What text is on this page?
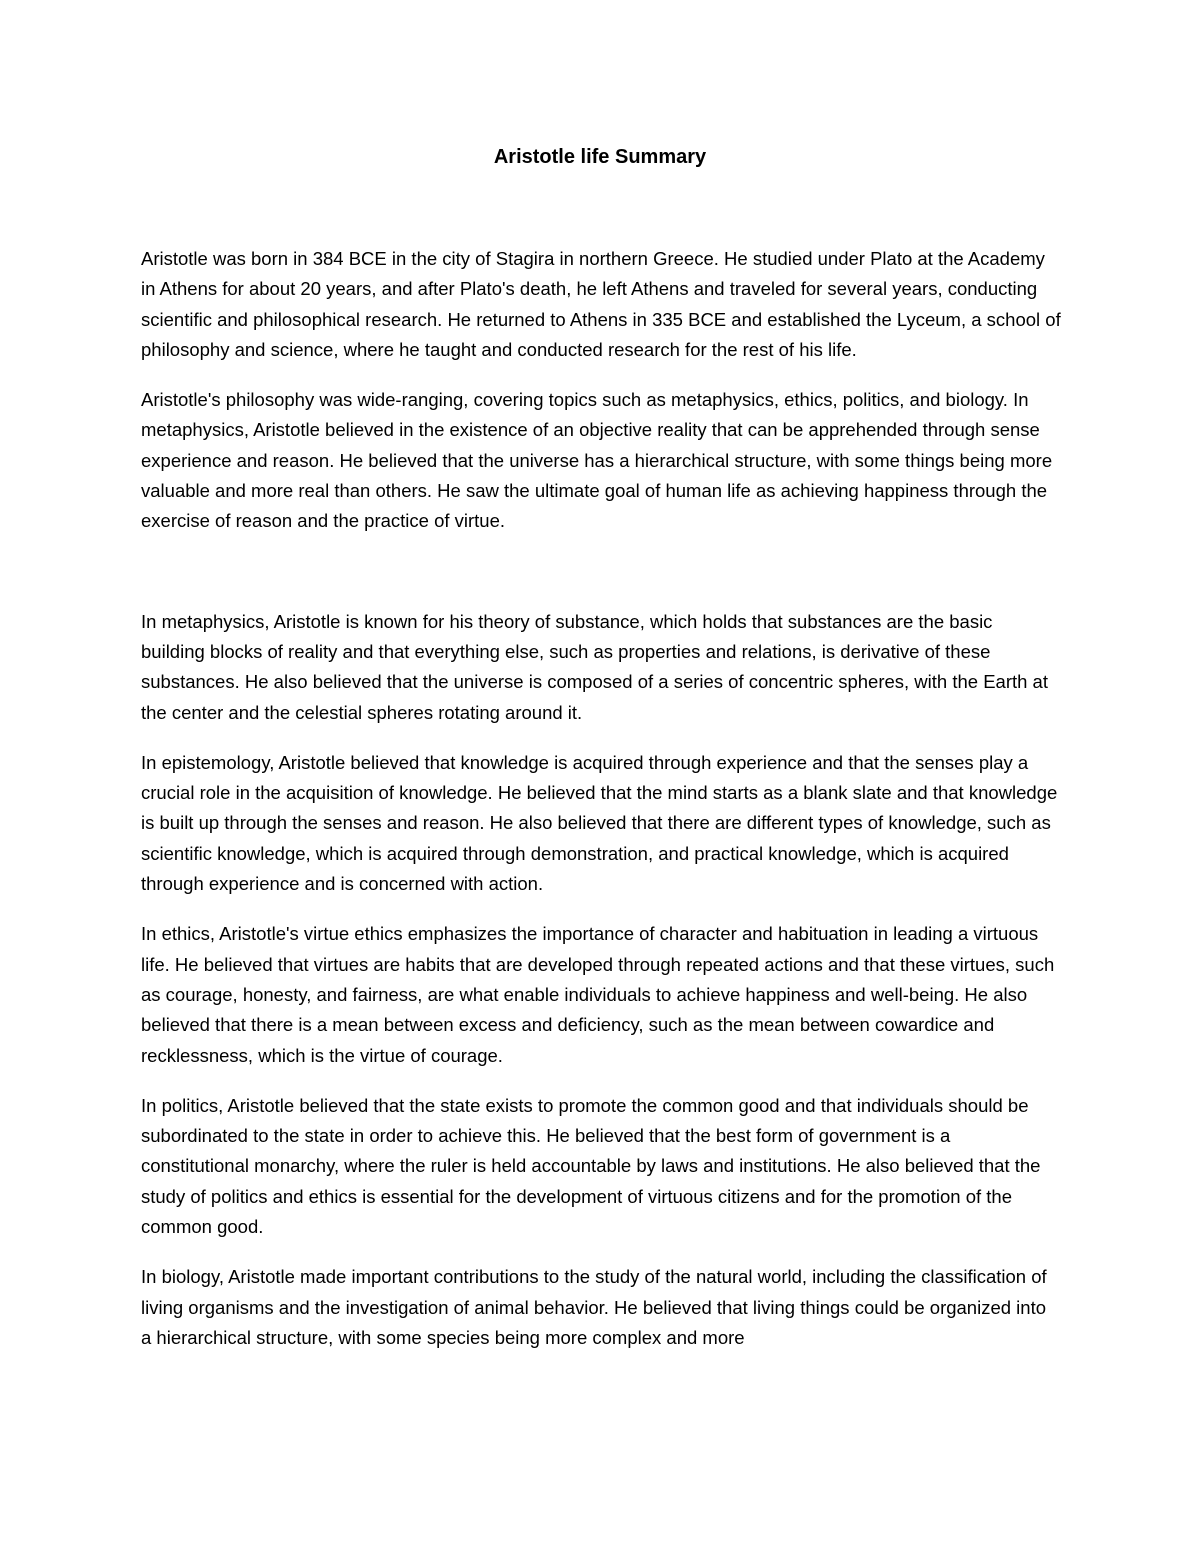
Aristotle life Summary

Aristotle was born in 384 BCE in the city of Stagira in northern Greece. He studied under Plato at the Academy in Athens for about 20 years, and after Plato's death, he left Athens and traveled for several years, conducting scientific and philosophical research. He returned to Athens in 335 BCE and established the Lyceum, a school of philosophy and science, where he taught and conducted research for the rest of his life.

Aristotle's philosophy was wide-ranging, covering topics such as metaphysics, ethics, politics, and biology. In metaphysics, Aristotle believed in the existence of an objective reality that can be apprehended through sense experience and reason. He believed that the universe has a hierarchical structure, with some things being more valuable and more real than others. He saw the ultimate goal of human life as achieving happiness through the exercise of reason and the practice of virtue.

In metaphysics, Aristotle is known for his theory of substance, which holds that substances are the basic building blocks of reality and that everything else, such as properties and relations, is derivative of these substances. He also believed that the universe is composed of a series of concentric spheres, with the Earth at the center and the celestial spheres rotating around it.

In epistemology, Aristotle believed that knowledge is acquired through experience and that the senses play a crucial role in the acquisition of knowledge. He believed that the mind starts as a blank slate and that knowledge is built up through the senses and reason. He also believed that there are different types of knowledge, such as scientific knowledge, which is acquired through demonstration, and practical knowledge, which is acquired through experience and is concerned with action.

In ethics, Aristotle's virtue ethics emphasizes the importance of character and habituation in leading a virtuous life. He believed that virtues are habits that are developed through repeated actions and that these virtues, such as courage, honesty, and fairness, are what enable individuals to achieve happiness and well-being. He also believed that there is a mean between excess and deficiency, such as the mean between cowardice and recklessness, which is the virtue of courage.

In politics, Aristotle believed that the state exists to promote the common good and that individuals should be subordinated to the state in order to achieve this. He believed that the best form of government is a constitutional monarchy, where the ruler is held accountable by laws and institutions. He also believed that the study of politics and ethics is essential for the development of virtuous citizens and for the promotion of the common good.

In biology, Aristotle made important contributions to the study of the natural world, including the classification of living organisms and the investigation of animal behavior. He believed that living things could be organized into a hierarchical structure, with some species being more complex and more
